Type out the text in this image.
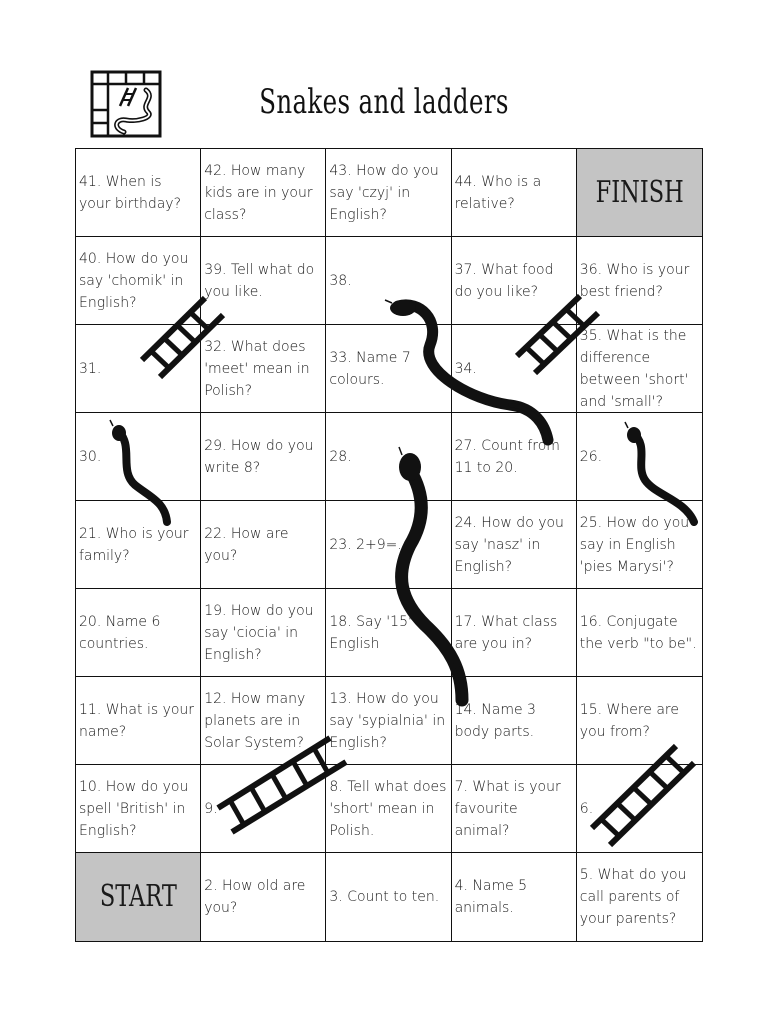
Snakes and ladders
41. When is your birthday?
42. How many kids are in your class?
43. How do you say 'czyj' in English?
44. Who is a relative?	FINISH
40. How do you say 'chomik' in English?
39. Tell what do you like.
38.
37. What food do you like?
36. Who is your best friend?
31.
32. What does 'meet' mean in Polish?
33. Name 7 colours.
34.
35. What is the difference between 'short' and 'small'?
30.
29. How do you write 8?
28.
27. Count from 11 to 20.
26.
21. Who is your family?
22. How are you?
23. 2+9=...?
24. How do you say 'nasz' in English?
25. How do you say in English 'pies Marysi'?
20. Name 6 countries.
19. How do you say 'ciocia' in English?
18. Say '15' in English
17. What class are you in?
16. Conjugate the verb "to be".
11. What is your name?
12. How many planets are in Solar System?
13. How do you say 'sypialnia' in English?
14. Name 3 body parts.
15. Where are you from?
10. How do you spell 'British' in English?
9.
8. Tell what does 'short' mean in Polish.
7. What is your favourite animal?
6.
START 2. How old are you?
3. Count to ten.
4. Name 5 animals.
5. What do you call parents of your parents?
